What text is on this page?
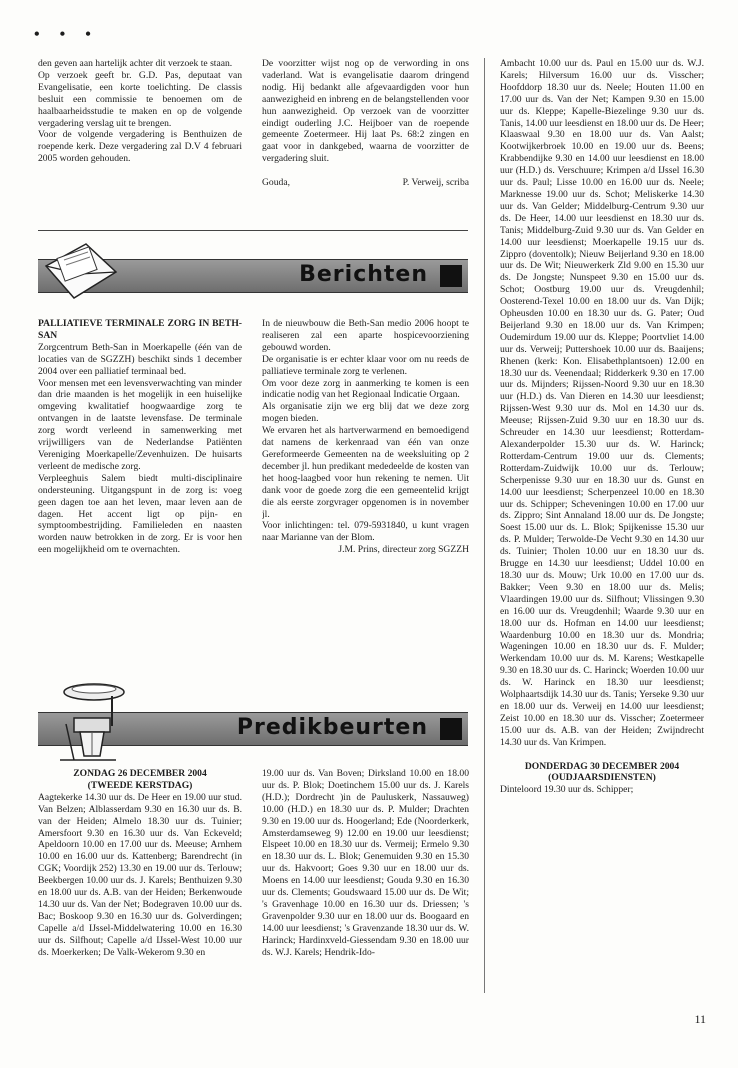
• • •

den geven aan hartelijk achter dit verzoek te staan.
Op verzoek geeft br. G.D. Pas, deputaat van Evangelisatie, een korte toelichting. De classis besluit een commissie te benoemen om de haalbaarheidsstudie te maken en op de volgende vergadering verslag uit te brengen.
Voor de volgende vergadering is Benthuizen de roepende kerk. Deze vergadering zal D.V 4 februari 2005 worden gehouden.

De voorzitter wijst nog op de verwording in ons vaderland. Wat is evangelisatie daarom dringend nodig. Hij bedankt alle afgevaardigden voor hun aanwezigheid en inbreng en de belangstellenden voor hun aanwezigheid. Op verzoek van de voorzitter eindigt ouderling J.C. Heijboer van de roepende gemeente Zoetermeer. Hij laat Ps. 68:2 zingen en gaat voor in dankgebed, waarna de voorzitter de vergadering sluit.

Gouda,	P. Verweij, scriba
Berichten

PALLIATIEVE TERMINALE ZORG IN BETH-SAN

Zorgcentrum Beth-San in Moerkapelle (één van de locaties van de SGZZH) beschikt sinds 1 december 2004 over een palliatief terminaal bed.
Voor mensen met een levensverwachting van minder dan drie maanden is het mogelijk in een huiselijke omgeving kwalitatief hoogwaardige zorg te ontvangen in de laatste levensfase. De terminale zorg wordt verleend in samenwerking met vrijwilligers van de Nederlandse Patiënten Vereniging Moerkapelle/Zevenhuizen. De huisarts verleent de medische zorg.
Verpleeghuis Salem biedt multi-disciplinaire ondersteuning. Uitgangspunt in de zorg is: voeg geen dagen toe aan het leven, maar leven aan de dagen. Het accent ligt op pijn- en symptoombestrijding. Familieleden en naasten worden nauw betrokken in de zorg. Er is voor hen een mogelijkheid om te overnachten.

In de nieuwbouw die Beth-San medio 2006 hoopt te realiseren zal een aparte hospicevoorziening gebouwd worden.
De organisatie is er echter klaar voor om nu reeds de palliatieve terminale zorg te verlenen.
Om voor deze zorg in aanmerking te komen is een indicatie nodig van het Regionaal Indicatie Orgaan.
Als organisatie zijn we erg blij dat we deze zorg mogen bieden.
We ervaren het als hartverwarmend en bemoedigend dat namens de kerkenraad van één van onze Gereformeerde Gemeenten na de weeksluiting op 2 december jl. hun predikant mededeelde de kosten van het hoog-laagbed voor hun rekening te nemen. Uit dank voor de goede zorg die een gemeentelid krijgt die als eerste zorgvrager opgenomen is in november jl.
Voor inlichtingen: tel. 079-5931840, u kunt vragen naar Marianne van der Blom.

J.M. Prins, directeur zorg SGZZH

Predikbeurten

ZONDAG 26 DECEMBER 2004

(TWEEDE KERSTDAG)

Aagtekerke 14.30 uur ds. De Heer en 19.00 uur stud. Van Belzen; Alblasserdam 9.30 en 16.30 uur ds. B. van der Heiden; Almelo 18.30 uur ds. Tuinier; Amersfoort 9.30 en 16.30 uur ds. Van Eckeveld; Apeldoorn 10.00 en 17.00 uur ds. Meeuse; Arnhem 10.00 en 16.00 uur ds. Kattenberg; Barendrecht (in CGK; Voordijk 252) 13.30 en 19.00 uur ds. Terlouw; Beekbergen 10.00 uur ds. J. Karels; Benthuizen 9.30 en 18.00 uur ds. A.B. van der Heiden; Berkenwoude 14.30 uur ds. Van der Net; Bodegraven 10.00 uur ds. Bac; Boskoop 9.30 en 16.30 uur ds. Golverdingen; Capelle a/d IJssel-Middelwatering 10.00 en 16.30 uur ds. Silfhout; Capelle a/d IJssel-West 10.00 uur ds. Moerkerken; De Valk-Wekerom 9.30 en

19.00 uur ds. Van Boven; Dirksland 10.00 en 18.00 uur ds. P. Blok; Doetinchem 15.00 uur ds. J. Karels (H.D.); Dordrecht )in de Pauluskerk, Nassauweg) 10.00 (H.D.) en 18.30 uur ds. P. Mulder; Drachten 9.30 en 19.00 uur ds. Hoogerland; Ede (Noorderkerk, Amsterdamseweg 9) 12.00 en 19.00 uur leesdienst; Elspeet 10.00 en 18.30 uur ds. Vermeij; Ermelo 9.30 en 18.30 uur ds. L. Blok; Genemuiden 9.30 en 15.30 uur ds. Hakvoort; Goes 9.30 uur en 18.00 uur ds. Moens en 14.00 uur leesdienst; Gouda 9.30 en 16.30 uur ds. Clements; Goudswaard 15.00 uur ds. De Wit; 's Gravenhage 10.00 en 16.30 uur ds. Driessen; 's Gravenpolder 9.30 uur en 18.00 uur ds. Boogaard en 14.00 uur leesdienst; 's Gravenzande 18.30 uur ds. W. Harinck; Hardinxveld-Giessendam 9.30 en 18.00 uur ds. W.J. Karels; Hendrik-Ido-

Ambacht 10.00 uur ds. Paul en 15.00 uur ds. W.J. Karels; Hilversum 16.00 uur ds. Visscher; Hoofddorp 18.30 uur ds. Neele; Houten 11.00 en 17.00 uur ds. Van der Net; Kampen 9.30 en 15.00 uur ds. Kleppe; Kapelle-Biezelinge 9.30 uur ds. Tanis, 14.00 uur leesdienst en 18.00 uur ds. De Heer; Klaaswaal 9.30 en 18.00 uur ds. Van Aalst; Kootwijkerbroek 10.00 en 19.00 uur ds. Beens; Krabbendijke 9.30 en 14.00 uur leesdienst en 18.00 uur (H.D.) ds. Verschuure; Krimpen a/d IJssel 16.30 uur ds. Paul; Lisse 10.00 en 16.00 uur ds. Neele; Marknesse 19.00 uur ds. Schot; Meliskerke 14.30 uur ds. Van Gelder; Middelburg-Centrum 9.30 uur ds. De Heer, 14.00 uur leesdienst en 18.30 uur ds. Tanis; Middelburg-Zuid 9.30 uur ds. Van Gelder en 14.00 uur leesdienst; Moerkapelle 19.15 uur ds. Zippro (doventolk); Nieuw Beijerland 9.30 en 18.00 uur ds. De Wit; Nieuwerkerk Zld 9.00 en 15.30 uur ds. De Jongste; Nunspeet 9.30 en 15.00 uur ds. Schot; Oostburg 19.00 uur ds. Vreugdenhil; Oosterend-Texel 10.00 en 18.00 uur ds. Van Dijk; Opheusden 10.00 en 18.30 uur ds. G. Pater; Oud Beijerland 9.30 en 18.00 uur ds. Van Krimpen; Oudemirdum 19.00 uur ds. Kleppe; Poortvliet 14.00 uur ds. Verweij; Puttershoek 10.00 uur ds. Baaijens; Rhenen (kerk: Kon. Elisabethplantsoen) 12.00 en 18.30 uur ds. Veenendaal; Ridderkerk 9.30 en 17.00 uur ds. Mijnders; Rijssen-Noord 9.30 uur en 18.30 uur (H.D.) ds. Van Dieren en 14.30 uur leesdienst; Rijssen-West 9.30 uur ds. Mol en 14.30 uur ds. Meeuse; Rijssen-Zuid 9.30 uur en 18.30 uur ds. Schreuder en 14.30 uur leesdienst; Rotterdam-Alexanderpolder 15.30 uur ds. W. Harinck; Rotterdam-Centrum 19.00 uur ds. Clements; Rotterdam-Zuidwijk 10.00 uur ds. Terlouw; Scherpenisse 9.30 uur en 18.30 uur ds. Gunst en 14.00 uur leesdienst; Scherpenzeel 10.00 en 18.30 uur ds. Schipper; Scheveningen 10.00 en 17.00 uur ds. Zippro; Sint Annaland 18.00 uur ds. De Jongste; Soest 15.00 uur ds. L. Blok; Spijkenisse 15.30 uur ds. P. Mulder; Terwolde-De Vecht 9.30 en 14.30 uur ds. Tuinier; Tholen 10.00 uur en 18.30 uur ds. Brugge en 14.30 uur leesdienst; Uddel 10.00 en 18.30 uur ds. Mouw; Urk 10.00 en 17.00 uur ds. Bakker; Veen 9.30 en 18.00 uur ds. Melis; Vlaardingen 19.00 uur ds. Silfhout; Vlissingen 9.30 en 16.00 uur ds. Vreugdenhil; Waarde 9.30 uur en 18.00 uur ds. Hofman en 14.00 uur leesdienst; Waardenburg 10.00 en 18.30 uur ds. Mondria; Wageningen 10.00 en 18.30 uur ds. F. Mulder; Werkendam 10.00 uur ds. M. Karens; Westkapelle 9.30 en 18.30 uur ds. C. Harinck; Woerden 10.00 uur ds. W. Harinck en 18.30 uur leesdienst; Wolphaartsdijk 14.30 uur ds. Tanis; Yerseke 9.30 uur en 18.00 uur ds. Verweij en 14.00 uur leesdienst; Zeist 10.00 en 18.30 uur ds. Visscher; Zoetermeer 15.00 uur ds. A.B. van der Heiden; Zwijndrecht 14.30 uur ds. Van Krimpen.

DONDERDAG 30 DECEMBER 2004

(OUDJAARSDIENSTEN)

Dinteloord 19.30 uur ds. Schipper;

11
